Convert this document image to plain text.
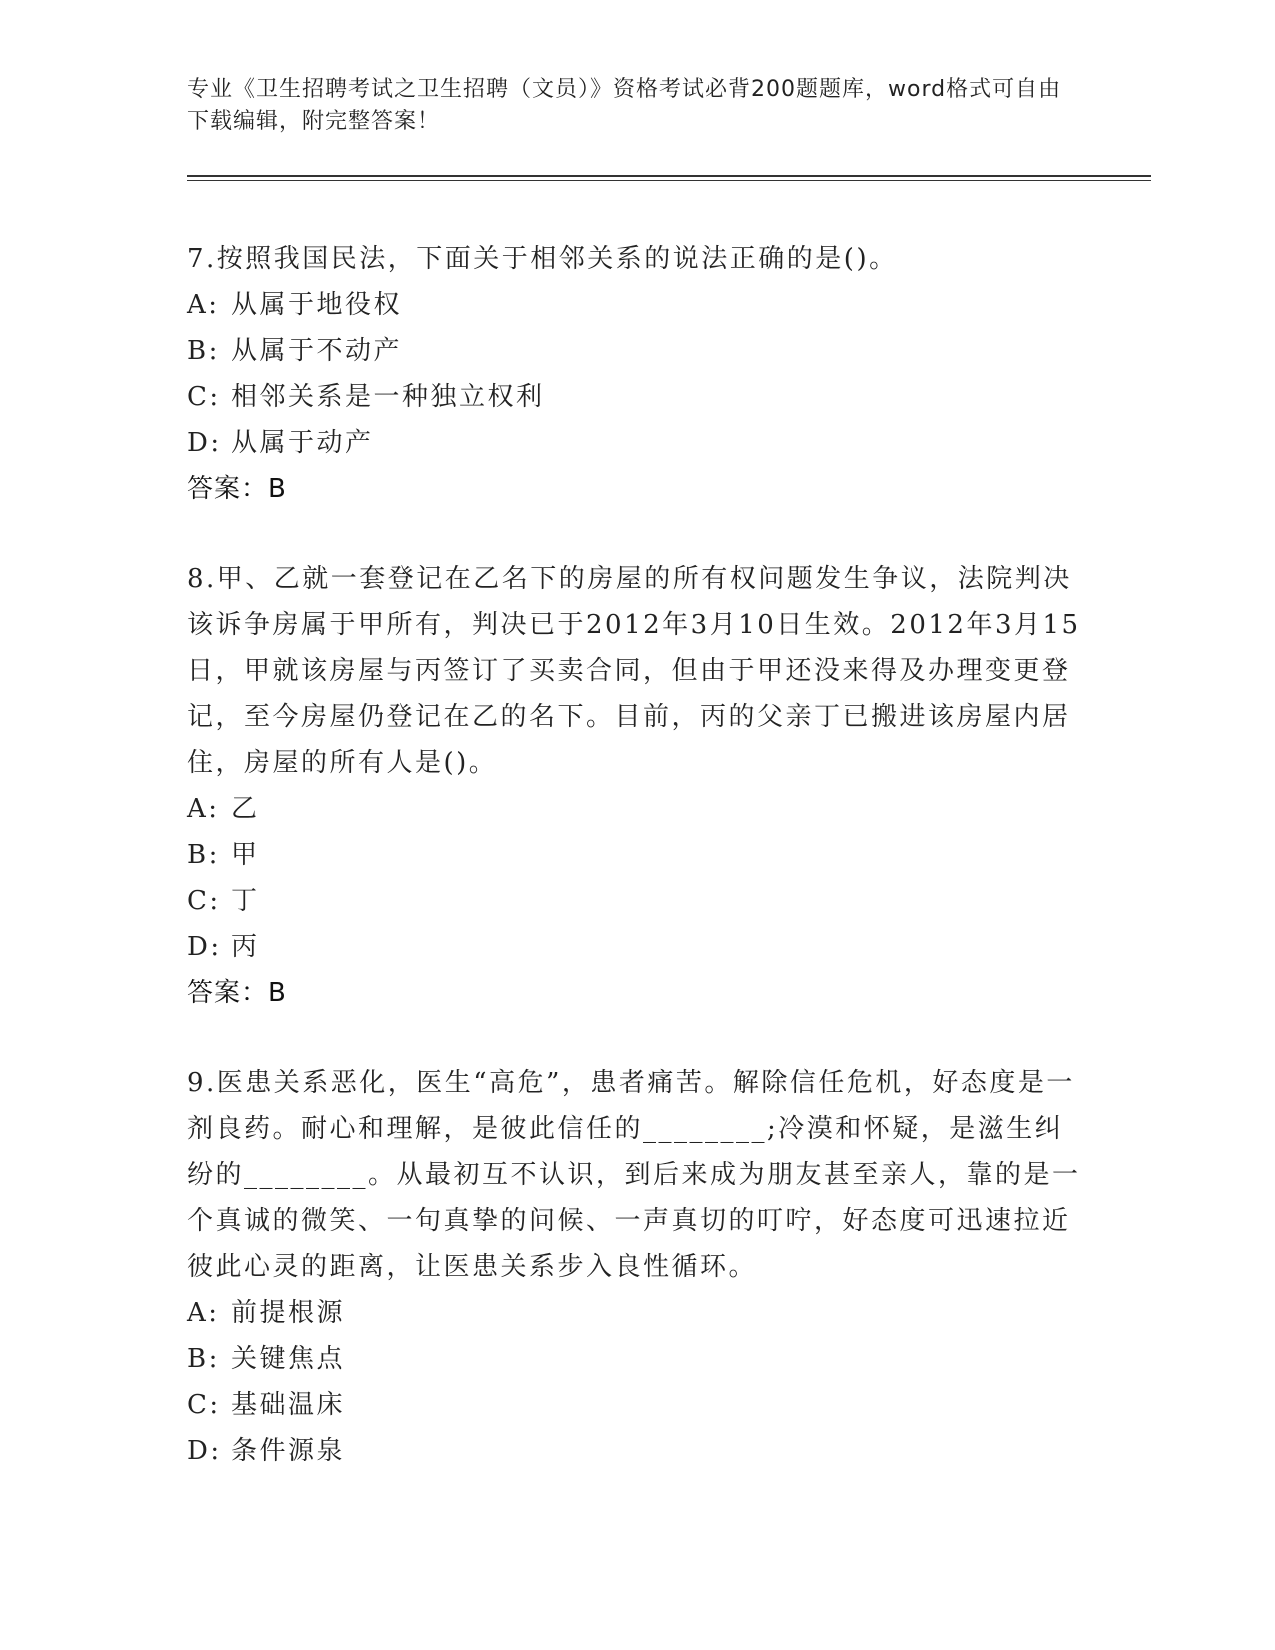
专业《卫生招聘考试之卫生招聘（文员）》资格考试必背200题题库，word格式可自由下载编辑，附完整答案！

7.按照我国民法，下面关于相邻关系的说法正确的是()。

A: 从属于地役权
B: 从属于不动产
C: 相邻关系是一种独立权利
D: 从属于动产

答案：B

8.甲、乙就一套登记在乙名下的房屋的所有权问题发生争议，法院判决该诉争房属于甲所有，判决已于2012年3月10日生效。2012年3月15日，甲就该房屋与丙签订了买卖合同，但由于甲还没来得及办理变更登记，至今房屋仍登记在乙的名下。目前，丙的父亲丁已搬进该房屋内居住，房屋的所有人是()。

A: 乙
B: 甲
C: 丁
D: 丙

答案：B

9.医患关系恶化，医生“高危”，患者痛苦。解除信任危机，好态度是一剂良药。耐心和理解，是彼此信任的________;冷漠和怀疑，是滋生纠纷的________。从最初互不认识，到后来成为朋友甚至亲人，靠的是一个真诚的微笑、一句真挚的问候、一声真切的叮咛，好态度可迅速拉近彼此心灵的距离，让医患关系步入良性循环。

A: 前提根源
B: 关键焦点
C: 基础温床
D: 条件源泉
